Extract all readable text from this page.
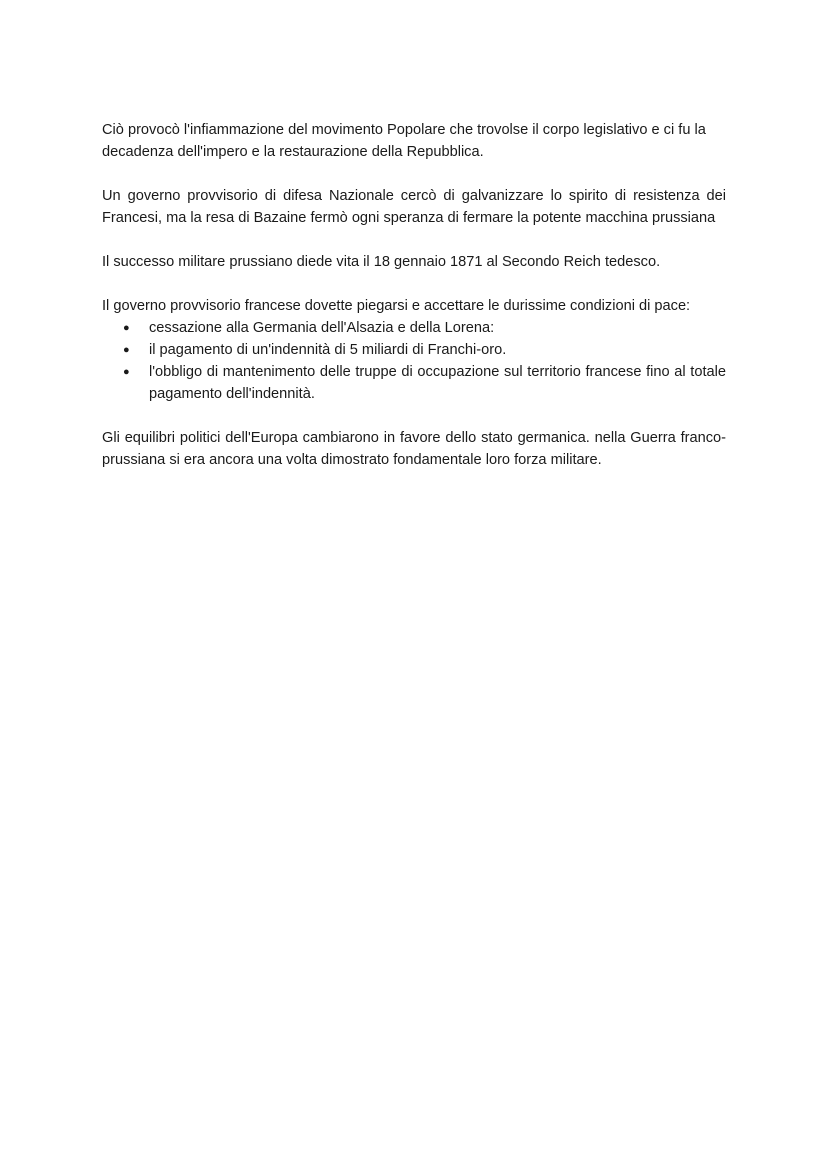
Ciò provocò l'infiammazione del movimento Popolare che trovolse il corpo legislativo e ci fu la decadenza dell'impero e la restaurazione della Repubblica.

Un governo provvisorio di difesa Nazionale cercò di galvanizzare lo spirito di resistenza dei Francesi, ma la resa di Bazaine fermò ogni speranza di fermare la potente macchina prussiana

Il successo militare prussiano diede vita il 18 gennaio 1871 al Secondo Reich tedesco.

Il governo provvisorio francese dovette piegarsi e accettare le durissime condizioni di pace:

● cessazione alla Germania dell'Alsazia e della Lorena:
● il pagamento di un'indennità di 5 miliardi di Franchi-oro.
● l'obbligo di mantenimento delle truppe di occupazione sul territorio francese fino al totale pagamento dell'indennità.

Gli equilibri politici dell'Europa cambiarono in favore dello stato germanica. nella Guerra franco-prussiana si era ancora una volta dimostrato fondamentale loro forza militare.
